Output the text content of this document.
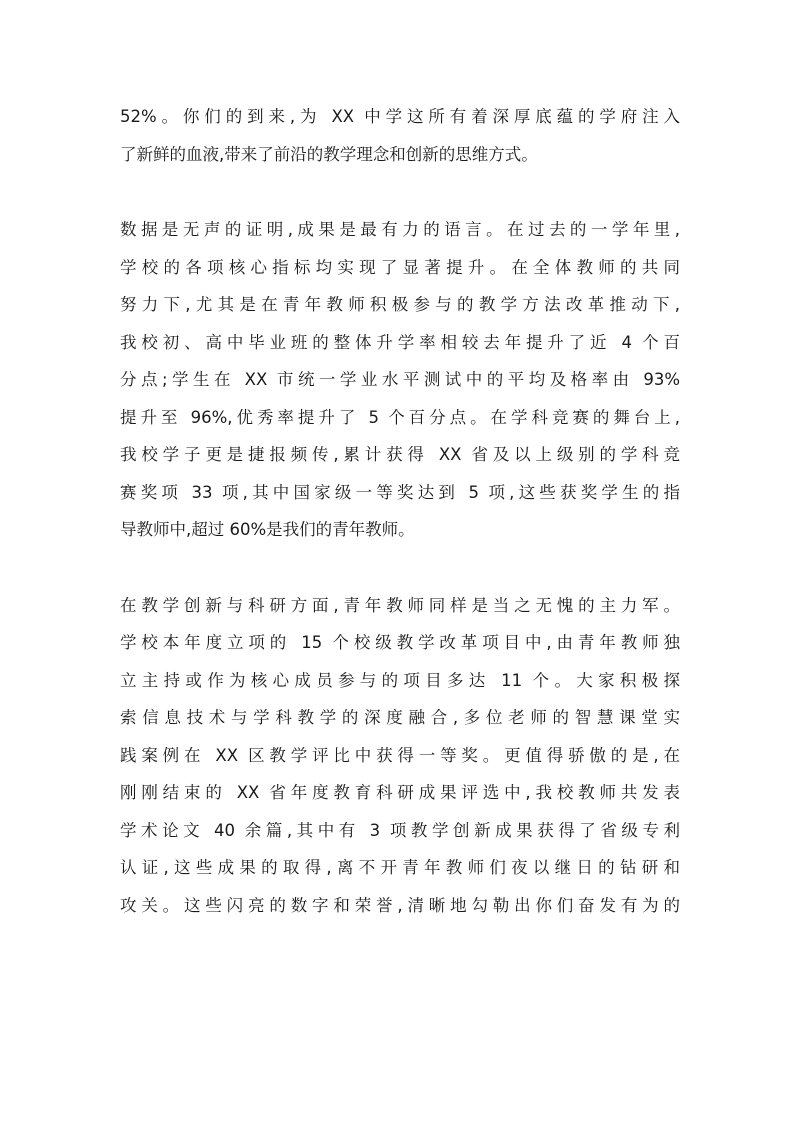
52%。你们的到来,为 XX 中学这所有着深厚底蕴的学府注入
了新鲜的血液,带来了前沿的教学理念和创新的思维方式。

数据是无声的证明,成果是最有力的语言。在过去的一学年里,
学校的各项核心指标均实现了显著提升。在全体教师的共同
努力下,尤其是在青年教师积极参与的教学方法改革推动下,
我校初、高中毕业班的整体升学率相较去年提升了近 4 个百
分点;学生在 XX 市统一学业水平测试中的平均及格率由 93%
提升至 96%,优秀率提升了 5 个百分点。在学科竞赛的舞台上,
我校学子更是捷报频传,累计获得 XX 省及以上级别的学科竞
赛奖项 33 项,其中国家级一等奖达到 5 项,这些获奖学生的指
导教师中,超过 60%是我们的青年教师。

在教学创新与科研方面,青年教师同样是当之无愧的主力军。
学校本年度立项的 15 个校级教学改革项目中,由青年教师独
立主持或作为核心成员参与的项目多达 11 个。大家积极探
索信息技术与学科教学的深度融合,多位老师的智慧课堂实
践案例在 XX 区教学评比中获得一等奖。更值得骄傲的是,在
刚刚结束的 XX 省年度教育科研成果评选中,我校教师共发表
学术论文 40 余篇,其中有 3 项教学创新成果获得了省级专利
认证,这些成果的取得,离不开青年教师们夜以继日的钻研和
攻关。这些闪亮的数字和荣誉,清晰地勾勒出你们奋发有为的
